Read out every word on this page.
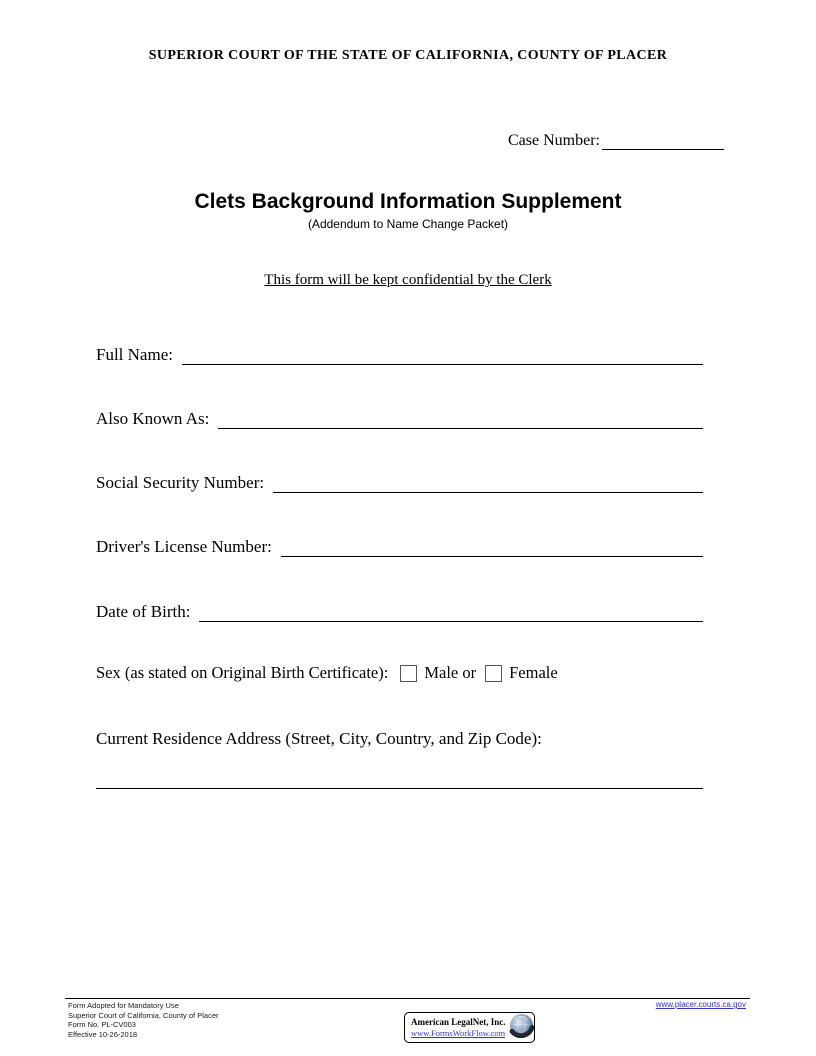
SUPERIOR COURT OF THE STATE OF CALIFORNIA, COUNTY OF PLACER
Case Number:
Clets Background Information Supplement
(Addendum to Name Change Packet)
This form will be kept confidential by the Clerk
Full Name:
Also Known As:
Social Security Number:
Driver's License Number:
Date of Birth:
Sex (as stated on Original Birth Certificate): Male or Female
Current Residence Address (Street, City, Country, and Zip Code):
Form Adopted for Mandatory Use
Superior Court of California, County of Placer
Form No. PL-CV003
Effective 10-26-2018
www.placer.courts.ca.gov
American LegalNet, Inc.
www.FormsWorkFlow.com
